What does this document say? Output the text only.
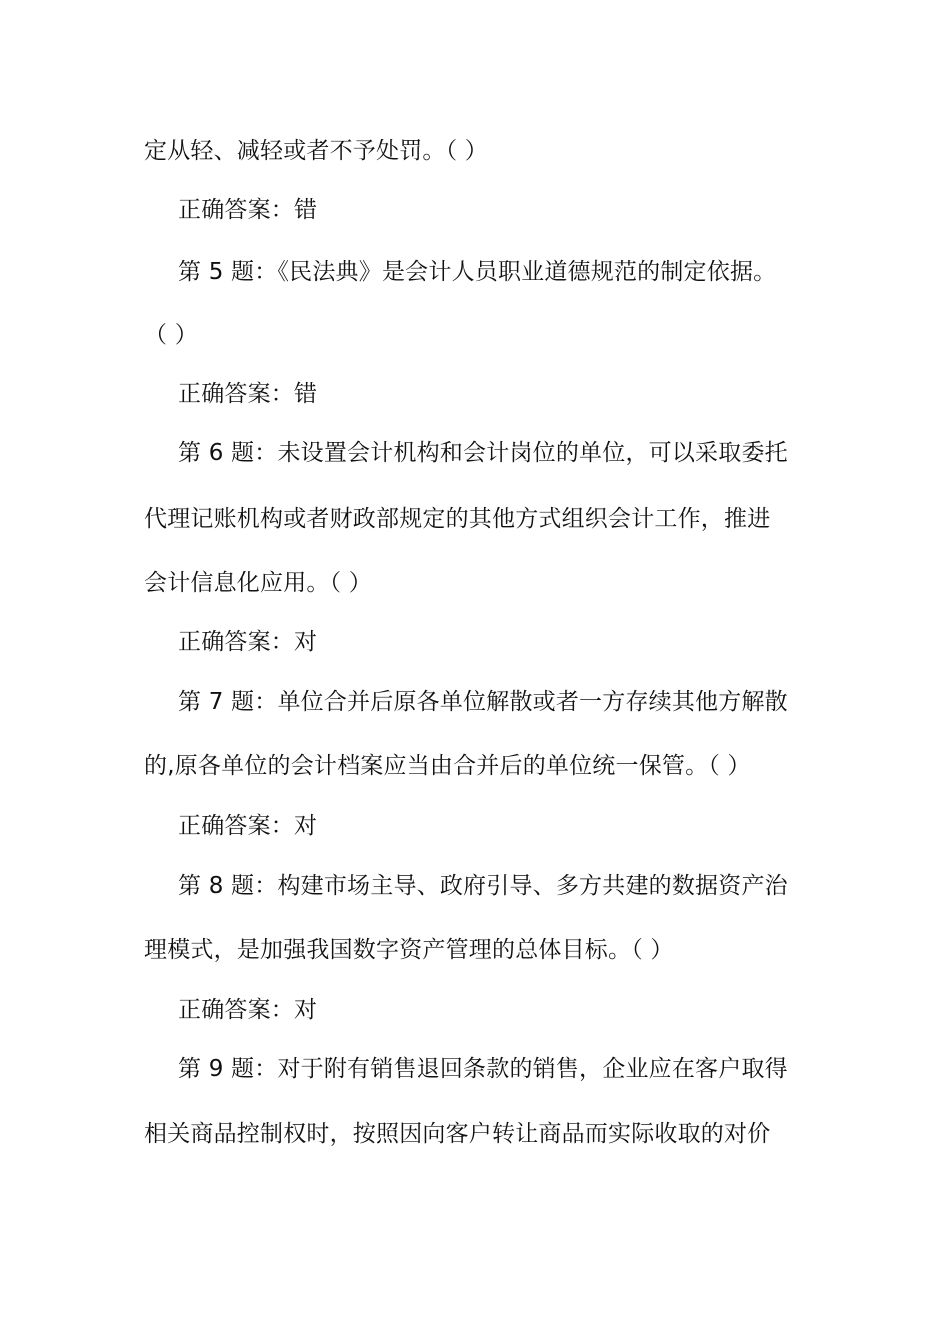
定从轻、减轻或者不予处罚。（ ）
正确答案：错
第 5 题：《民法典》是会计人员职业道德规范的制定依据。
（ ）
正确答案：错
第 6 题：未设置会计机构和会计岗位的单位，可以采取委托
代理记账机构或者财政部规定的其他方式组织会计工作，推进
会计信息化应用。（ ）
正确答案：对
第 7 题：单位合并后原各单位解散或者一方存续其他方解散
的,原各单位的会计档案应当由合并后的单位统一保管。（ ）
正确答案：对
第 8 题：构建市场主导、政府引导、多方共建的数据资产治
理模式，是加强我国数字资产管理的总体目标。（ ）
正确答案：对
第 9 题：对于附有销售退回条款的销售，企业应在客户取得
相关商品控制权时，按照因向客户转让商品而实际收取的对价
